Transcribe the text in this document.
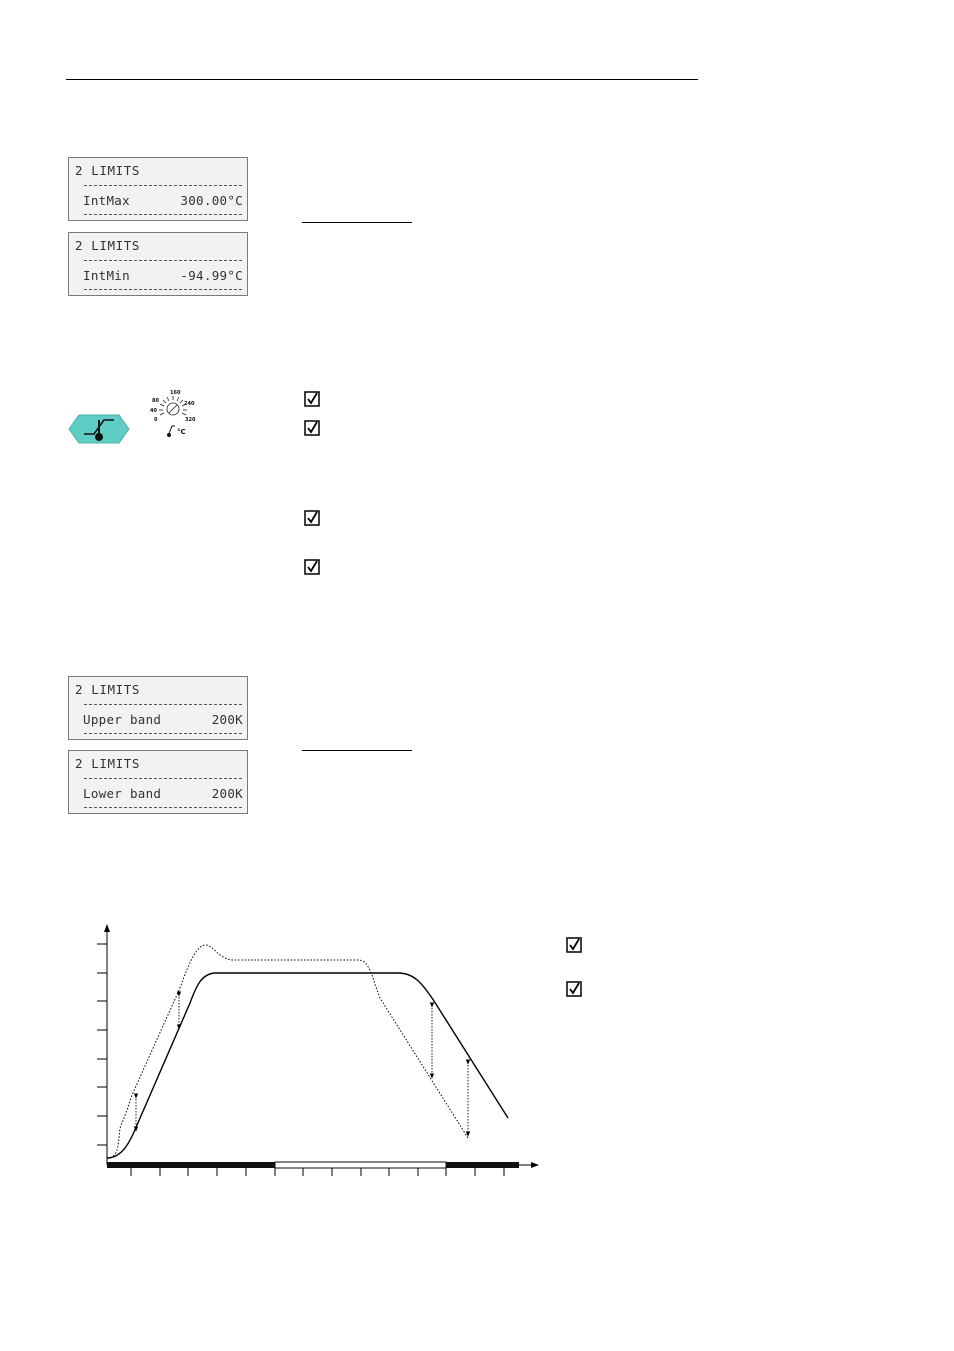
2 LIMITS
IntMax	300.00°C
2 LIMITS
IntMin	-94.99°C
160
240
320
80
40
0
°C
2 LIMITS
Upper band	200K
2 LIMITS
Lower band	200K
